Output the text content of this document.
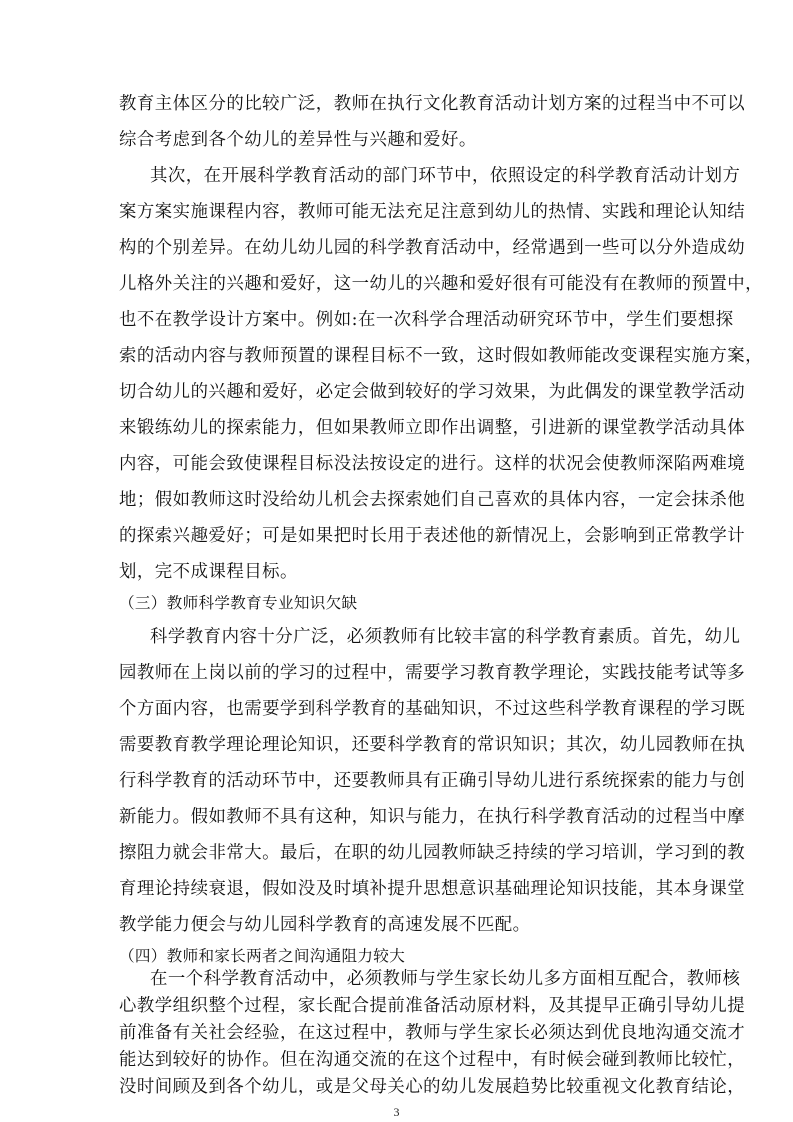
教育主体区分的比较广泛，教师在执行文化教育活动计划方案的过程当中不可以
综合考虑到各个幼儿的差异性与兴趣和爱好。
其次，在开展科学教育活动的部门环节中，依照设定的科学教育活动计划方
案方案实施课程内容，教师可能无法充足注意到幼儿的热情、实践和理论认知结
构的个别差异。在幼儿幼儿园的科学教育活动中，经常遇到一些可以分外造成幼
儿格外关注的兴趣和爱好，这一幼儿的兴趣和爱好很有可能没有在教师的预置中，
也不在教学设计方案中。例如:在一次科学合理活动研究环节中，学生们要想探
索的活动内容与教师预置的课程目标不一致，这时假如教师能改变课程实施方案，
切合幼儿的兴趣和爱好，必定会做到较好的学习效果，为此偶发的课堂教学活动
来锻练幼儿的探索能力，但如果教师立即作出调整，引进新的课堂教学活动具体
内容，可能会致使课程目标没法按设定的进行。这样的状况会使教师深陷两难境
地；假如教师这时没给幼儿机会去探索她们自己喜欢的具体内容，一定会抹杀他
的探索兴趣爱好；可是如果把时长用于表述他的新情况上，会影响到正常教学计
划，完不成课程目标。
（三）教师科学教育专业知识欠缺
科学教育内容十分广泛，必须教师有比较丰富的科学教育素质。首先，幼儿
园教师在上岗以前的学习的过程中，需要学习教育教学理论，实践技能考试等多
个方面内容，也需要学到科学教育的基础知识，不过这些科学教育课程的学习既
需要教育教学理论理论知识，还要科学教育的常识知识；其次，幼儿园教师在执
行科学教育的活动环节中，还要教师具有正确引导幼儿进行系统探索的能力与创
新能力。假如教师不具有这种，知识与能力，在执行科学教育活动的过程当中摩
擦阻力就会非常大。最后，在职的幼儿园教师缺乏持续的学习培训，学习到的教
育理论持续衰退，假如没及时填补提升思想意识基础理论知识技能，其本身课堂
教学能力便会与幼儿园科学教育的高速发展不匹配。
（四）教师和家长两者之间沟通阻力较大
在一个科学教育活动中，必须教师与学生家长幼儿多方面相互配合，教师核
心教学组织整个过程，家长配合提前准备活动原材料，及其提早正确引导幼儿提
前准备有关社会经验，在这过程中，教师与学生家长必须达到优良地沟通交流才
能达到较好的协作。但在沟通交流的在这个过程中，有时候会碰到教师比较忙，
没时间顾及到各个幼儿，或是父母关心的幼儿发展趋势比较重视文化教育结论，
3
